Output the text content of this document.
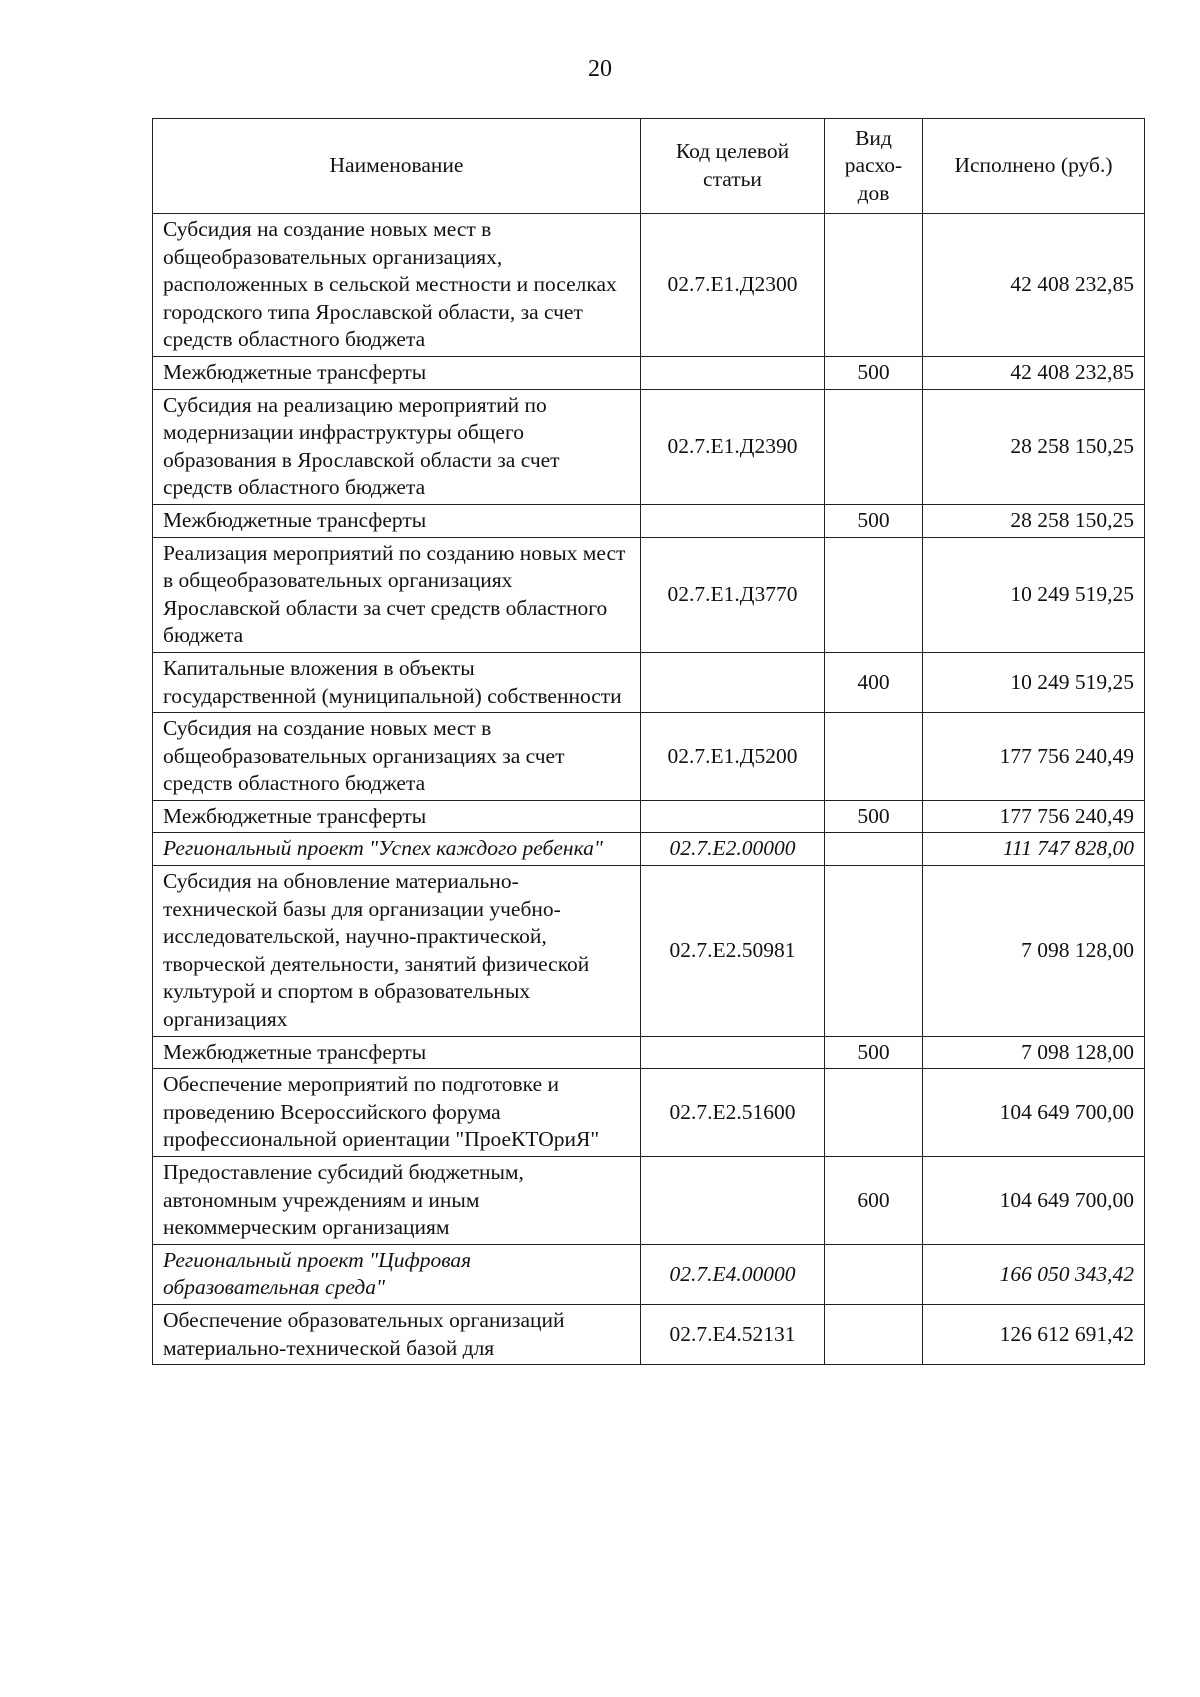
20
Наименование	Код целевой статьи	Вид расхо-дов	Исполнено (руб.)
Субсидия на создание новых мест в общеобразовательных организациях, расположенных в сельской местности и поселках городского типа Ярославской области, за счет средств областного бюджета	02.7.Е1.Д2300		42 408 232,85
Межбюджетные трансферты		500	42 408 232,85
Субсидия на реализацию мероприятий по модернизации инфраструктуры общего образования в Ярославской области за счет средств областного бюджета	02.7.Е1.Д2390		28 258 150,25
Межбюджетные трансферты		500	28 258 150,25
Реализация мероприятий по созданию новых мест в общеобразовательных организациях Ярославской области за счет средств областного бюджета	02.7.Е1.Д3770		10 249 519,25
Капитальные вложения в объекты государственной (муниципальной) собственности		400	10 249 519,25
Субсидия на создание новых мест в общеобразовательных организациях за счет средств областного бюджета	02.7.Е1.Д5200		177 756 240,49
Межбюджетные трансферты		500	177 756 240,49
Региональный проект "Успех каждого ребенка"	02.7.Е2.00000		111 747 828,00
Субсидия на обновление материально-технической базы для организации учебно-исследовательской, научно-практической, творческой деятельности, занятий физической культурой и спортом в образовательных организациях	02.7.Е2.50981		7 098 128,00
Межбюджетные трансферты		500	7 098 128,00
Обеспечение мероприятий по подготовке и проведению Всероссийского форума профессиональной ориентации "ПроеКТОриЯ"	02.7.Е2.51600		104 649 700,00
Предоставление субсидий бюджетным, автономным учреждениям и иным некоммерческим организациям		600	104 649 700,00
Региональный проект "Цифровая образовательная среда"	02.7.Е4.00000		166 050 343,42
Обеспечение образовательных организаций материально-технической базой для	02.7.Е4.52131		126 612 691,42
